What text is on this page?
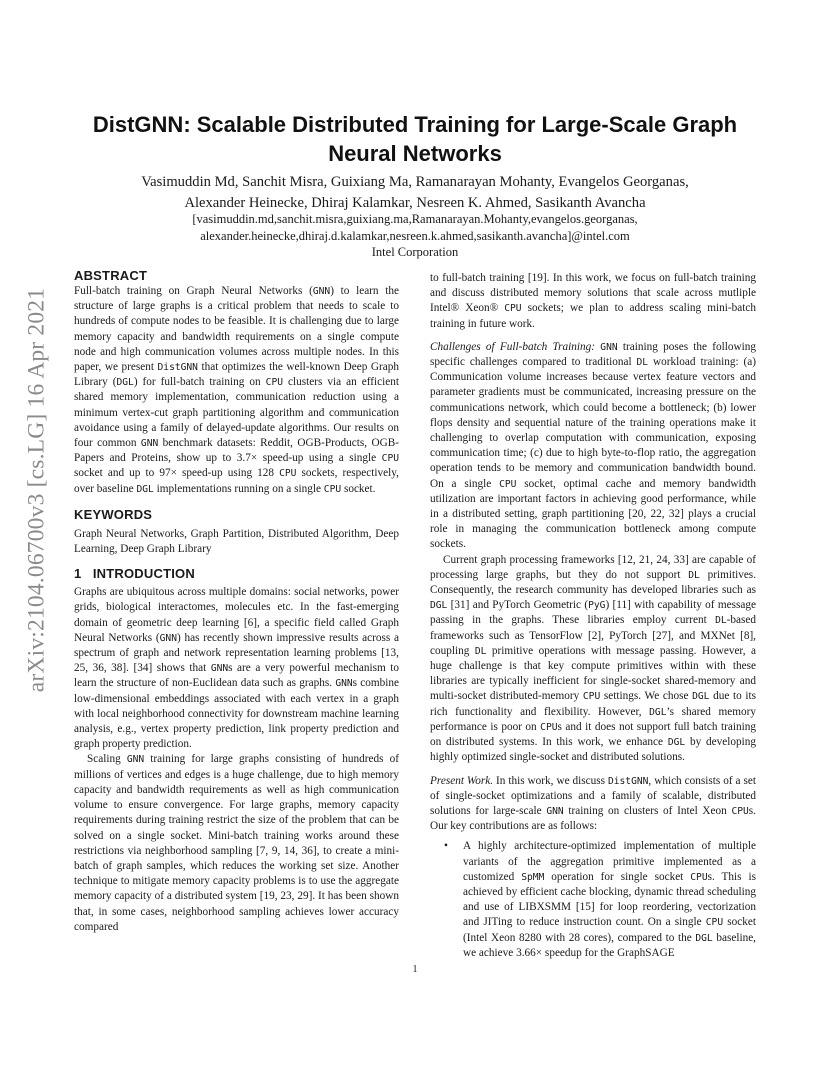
arXiv:2104.06700v3 [cs.LG] 16 Apr 2021
DistGNN: Scalable Distributed Training for Large-Scale Graph Neural Networks
Vasimuddin Md, Sanchit Misra, Guixiang Ma, Ramanarayan Mohanty, Evangelos Georganas,
Alexander Heinecke, Dhiraj Kalamkar, Nesreen K. Ahmed, Sasikanth Avancha
[vasimuddin.md,sanchit.misra,guixiang.ma,Ramanarayan.Mohanty,evangelos.georganas,
alexander.heinecke,dhiraj.d.kalamkar,nesreen.k.ahmed,sasikanth.avancha]@intel.com
Intel Corporation
ABSTRACT

Full-batch training on Graph Neural Networks (GNN) to learn the structure of large graphs is a critical problem that needs to scale to hundreds of compute nodes to be feasible. It is challenging due to large memory capacity and bandwidth requirements on a single compute node and high communication volumes across multiple nodes. In this paper, we present DistGNN that optimizes the well-known Deep Graph Library (DGL) for full-batch training on CPU clusters via an efficient shared memory implementation, communication reduction using a minimum vertex-cut graph partitioning algorithm and communication avoidance using a family of delayed-update algorithms. Our results on four common GNN benchmark datasets: Reddit, OGB-Products, OGB-Papers and Proteins, show up to 3.7× speed-up using a single CPU socket and up to 97× speed-up using 128 CPU sockets, respectively, over baseline DGL implementations running on a single CPU socket.

KEYWORDS

Graph Neural Networks, Graph Partition, Distributed Algorithm, Deep Learning, Deep Graph Library

1   INTRODUCTION

Graphs are ubiquitous across multiple domains: social networks, power grids, biological interactomes, molecules etc. In the fast-emerging domain of geometric deep learning [6], a specific field called Graph Neural Networks (GNN) has recently shown impressive results across a spectrum of graph and network representation learning problems [13, 25, 36, 38]. [34] shows that GNNs are a very powerful mechanism to learn the structure of non-Euclidean data such as graphs. GNNs combine low-dimensional embeddings associated with each vertex in a graph with local neighborhood connectivity for downstream machine learning analysis, e.g., vertex property prediction, link property prediction and graph property prediction.

Scaling GNN training for large graphs consisting of hundreds of millions of vertices and edges is a huge challenge, due to high memory capacity and bandwidth requirements as well as high communication volume to ensure convergence. For large graphs, memory capacity requirements during training restrict the size of the problem that can be solved on a single socket. Mini-batch training works around these restrictions via neighborhood sampling [7, 9, 14, 36], to create a mini-batch of graph samples, which reduces the working set size. Another technique to mitigate memory capacity problems is to use the aggregate memory capacity of a distributed system [19, 23, 29]. It has been shown that, in some cases, neighborhood sampling achieves lower accuracy compared

to full-batch training [19]. In this work, we focus on full-batch training and discuss distributed memory solutions that scale across mutliple Intel® Xeon® CPU sockets; we plan to address scaling mini-batch training in future work.

Challenges of Full-batch Training: GNN training poses the following specific challenges compared to traditional DL workload training: (a) Communication volume increases because vertex feature vectors and parameter gradients must be communicated, increasing pressure on the communications network, which could become a bottleneck; (b) lower flops density and sequential nature of the training operations make it challenging to overlap computation with communication, exposing communication time; (c) due to high byte-to-flop ratio, the aggregation operation tends to be memory and communication bandwidth bound. On a single CPU socket, optimal cache and memory bandwidth utilization are important factors in achieving good performance, while in a distributed setting, graph partitioning [20, 22, 32] plays a crucial role in managing the communication bottleneck among compute sockets.

Current graph processing frameworks [12, 21, 24, 33] are capable of processing large graphs, but they do not support DL primitives. Consequently, the research community has developed libraries such as DGL [31] and PyTorch Geometric (PyG) [11] with capability of message passing in the graphs. These libraries employ current DL-based frameworks such as TensorFlow [2], PyTorch [27], and MXNet [8], coupling DL primitive operations with message passing. However, a huge challenge is that key compute primitives within with these libraries are typically inefficient for single-socket shared-memory and multi-socket distributed-memory CPU settings. We chose DGL due to its rich functionality and flexibility. However, DGL’s shared memory performance is poor on CPUs and it does not support full batch training on distributed systems. In this work, we enhance DGL by developing highly optimized single-socket and distributed solutions.

Present Work. In this work, we discuss DistGNN, which consists of a set of single-socket optimizations and a family of scalable, distributed solutions for large-scale GNN training on clusters of Intel Xeon CPUs. Our key contributions are as follows:

• A highly architecture-optimized implementation of multiple variants of the aggregation primitive implemented as a customized SpMM operation for single socket CPUs. This is achieved by efficient cache blocking, dynamic thread scheduling and use of LIBXSMM [15] for loop reordering, vectorization and JITing to reduce instruction count. On a single CPU socket (Intel Xeon 8280 with 28 cores), compared to the DGL baseline, we achieve 3.66× speedup for the GraphSAGE
1
